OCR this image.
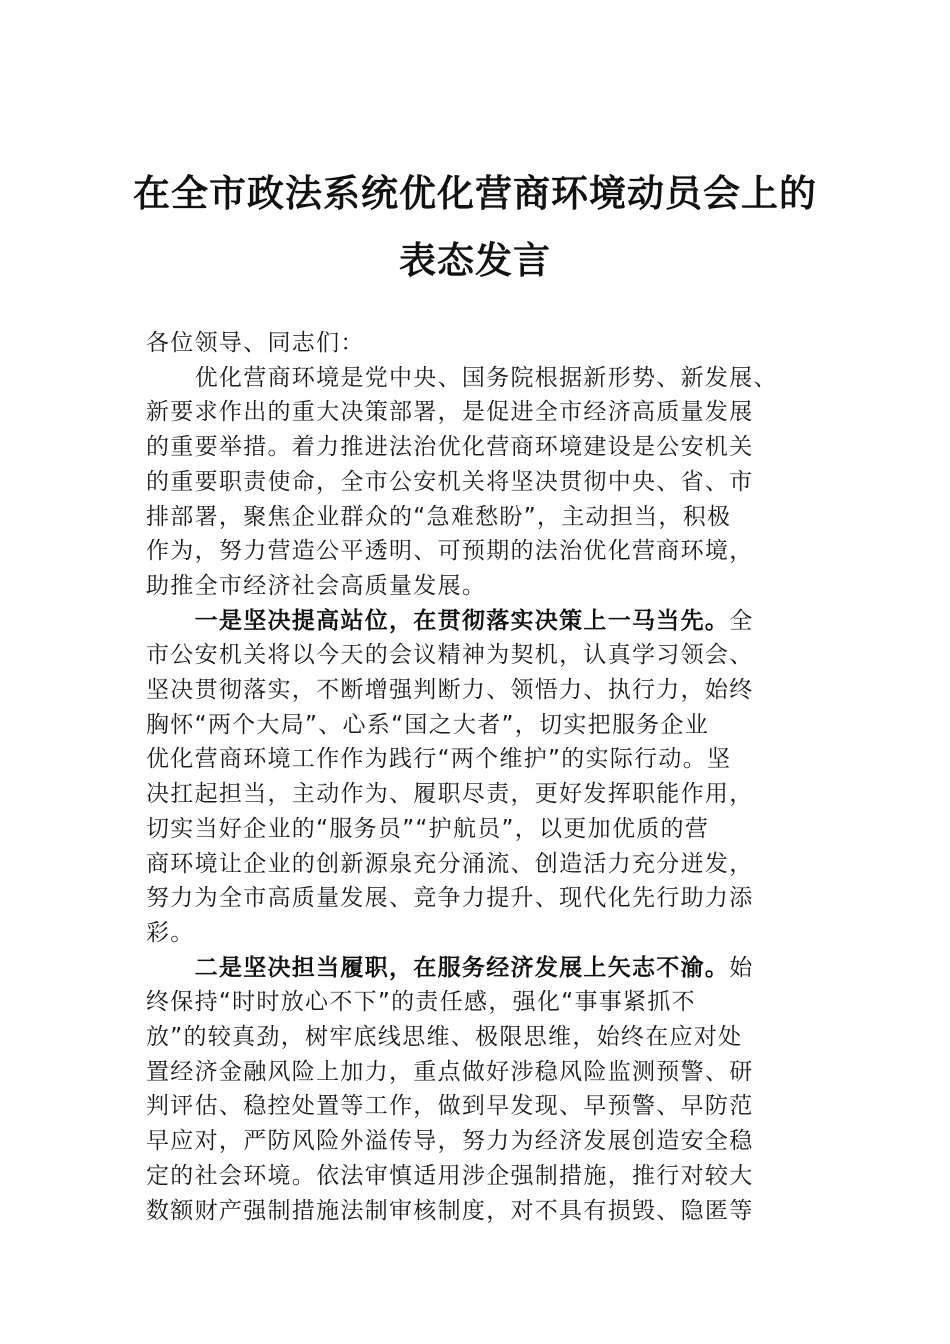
在全市政法系统优化营商环境动员会上的
表态发言
各位领导、同志们：
　　优化营商环境是党中央、国务院根据新形势、新发展、
新要求作出的重大决策部署，是促进全市经济高质量发展
的重要举措。着力推进法治优化营商环境建设是公安机关
的重要职责使命，全市公安机关将坚决贯彻中央、省、市
排部署，聚焦企业群众的“急难愁盼”，主动担当，积极
作为，努力营造公平透明、可预期的法治优化营商环境，
助推全市经济社会高质量发展。
　　一是坚决提高站位，在贯彻落实决策上一马当先。全
市公安机关将以今天的会议精神为契机，认真学习领会、
坚决贯彻落实，不断增强判断力、领悟力、执行力，始终
胸怀“两个大局”、心系“国之大者”，切实把服务企业
优化营商环境工作作为践行“两个维护”的实际行动。坚
决扛起担当，主动作为、履职尽责，更好发挥职能作用，
切实当好企业的“服务员”“护航员”，以更加优质的营
商环境让企业的创新源泉充分涌流、创造活力充分迸发，
努力为全市高质量发展、竞争力提升、现代化先行助力添
彩。
　　二是坚决担当履职，在服务经济发展上矢志不渝。始
终保持“时时放心不下”的责任感，强化“事事紧抓不
放”的较真劲，树牢底线思维、极限思维，始终在应对处
置经济金融风险上加力，重点做好涉稳风险监测预警、研
判评估、稳控处置等工作，做到早发现、早预警、早防范
早应对，严防风险外溢传导，努力为经济发展创造安全稳
定的社会环境。依法审慎适用涉企强制措施，推行对较大
数额财产强制措施法制审核制度，对不具有损毁、隐匿等
